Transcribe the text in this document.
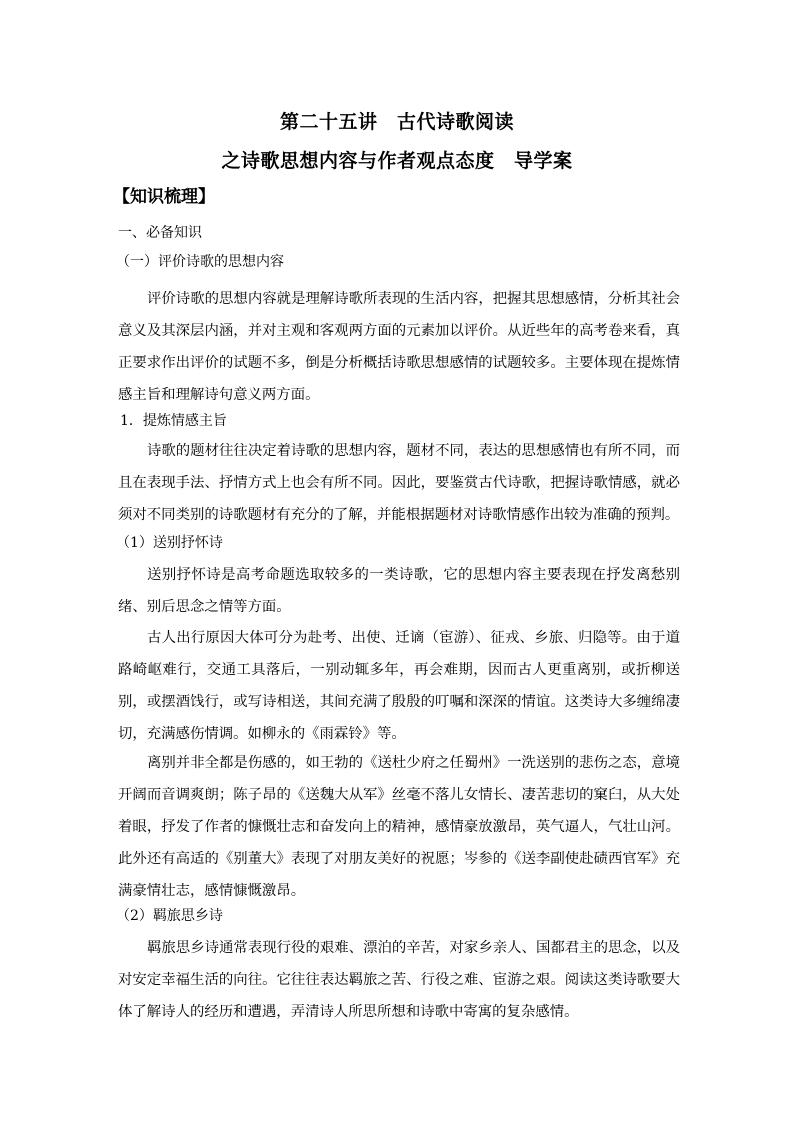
第二十五讲　古代诗歌阅读
之诗歌思想内容与作者观点态度　导学案
【知识梳理】
一、必备知识
（一）评价诗歌的思想内容
评价诗歌的思想内容就是理解诗歌所表现的生活内容，把握其思想感情，分析其社会意义及其深层内涵，并对主观和客观两方面的元素加以评价。从近些年的高考卷来看，真正要求作出评价的试题不多，倒是分析概括诗歌思想感情的试题较多。主要体现在提炼情感主旨和理解诗句意义两方面。
1．提炼情感主旨
诗歌的题材往往决定着诗歌的思想内容，题材不同，表达的思想感情也有所不同，而且在表现手法、抒情方式上也会有所不同。因此，要鉴赏古代诗歌，把握诗歌情感，就必须对不同类别的诗歌题材有充分的了解，并能根据题材对诗歌情感作出较为准确的预判。
（1）送别抒怀诗
送别抒怀诗是高考命题选取较多的一类诗歌，它的思想内容主要表现在抒发离愁别绪、别后思念之情等方面。
古人出行原因大体可分为赴考、出使、迁谪（宦游）、征戎、乡旅、归隐等。由于道路崎岖难行，交通工具落后，一别动辄多年，再会难期，因而古人更重离别，或折柳送别，或摆酒饯行，或写诗相送，其间充满了殷殷的叮嘱和深深的情谊。这类诗大多缠绵凄切，充满感伤情调。如柳永的《雨霖铃》等。
离别并非全都是伤感的，如王勃的《送杜少府之任蜀州》一洗送别的悲伤之态，意境开阔而音调爽朗；陈子昂的《送魏大从军》丝毫不落儿女情长、凄苦悲切的窠臼，从大处着眼，抒发了作者的慷慨壮志和奋发向上的精神，感情豪放激昂，英气逼人，气壮山河。此外还有高适的《别董大》表现了对朋友美好的祝愿；岑参的《送李副使赴碛西官军》充满豪情壮志，感情慷慨激昂。
（2）羁旅思乡诗
羁旅思乡诗通常表现行役的艰难、漂泊的辛苦，对家乡亲人、国都君主的思念，以及对安定幸福生活的向往。它往往表达羁旅之苦、行役之难、宦游之艰。阅读这类诗歌要大体了解诗人的经历和遭遇，弄清诗人所思所想和诗歌中寄寓的复杂感情。
